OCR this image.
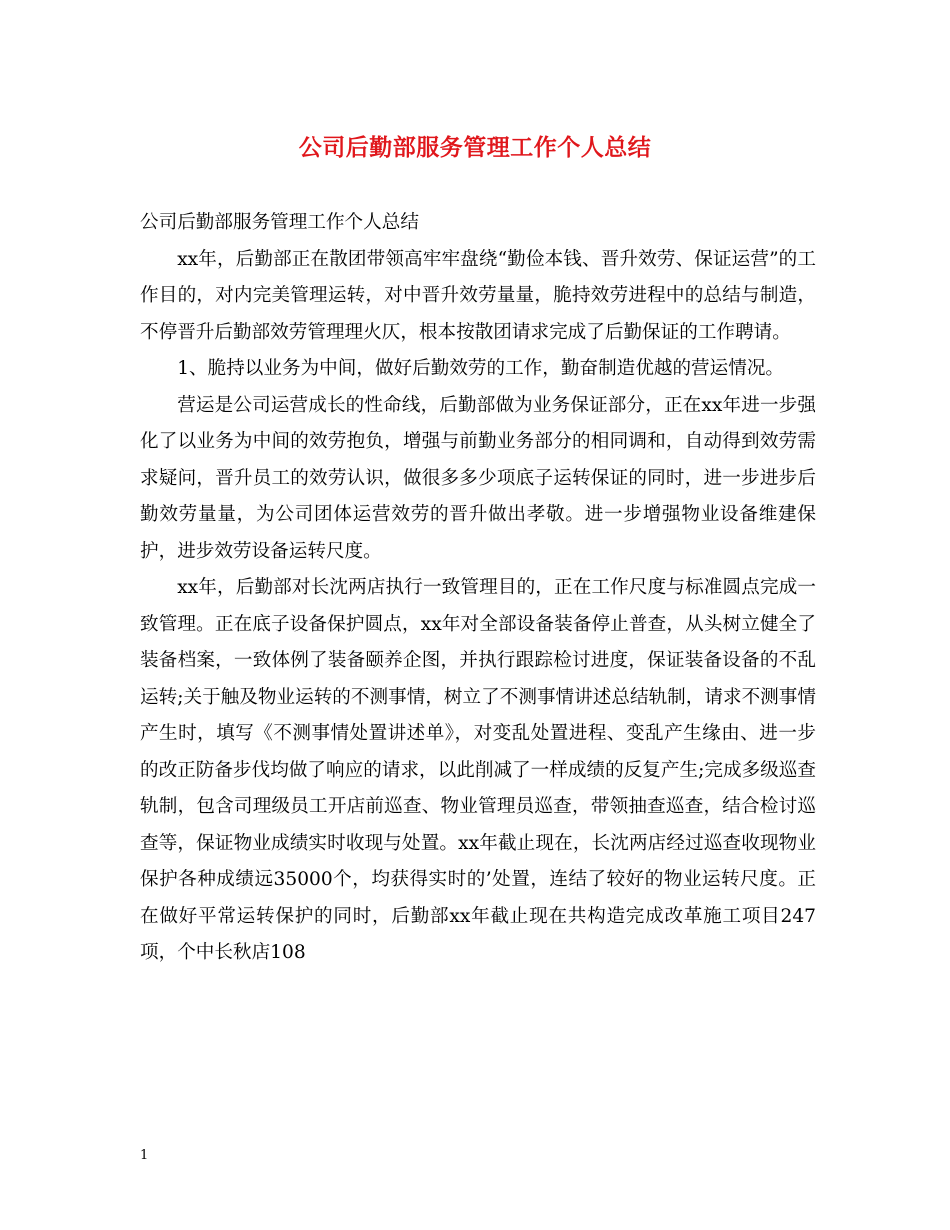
公司后勤部服务管理工作个人总结

公司后勤部服务管理工作个人总结

xx年，后勤部正在散团带领高牢牢盘绕“勤俭本钱、晋升效劳、保证运营”的工作目的，对内完美管理运转，对中晋升效劳量量，脆持效劳进程中的总结与制造，不停晋升后勤部效劳管理理火仄，根本按散团请求完成了后勤保证的工作聘请。

1、脆持以业务为中间，做好后勤效劳的工作，勤奋制造优越的营运情况。

营运是公司运营成长的性命线，后勤部做为业务保证部分，正在xx年进一步强化了以业务为中间的效劳抱负，增强与前勤业务部分的相同调和，自动得到效劳需求疑问，晋升员工的效劳认识，做很多多少项底子运转保证的同时，进一步进步后勤效劳量量，为公司团体运营效劳的晋升做出孝敬。进一步增强物业设备维建保护，进步效劳设备运转尺度。

xx年，后勤部对长沈两店执行一致管理目的，正在工作尺度与标准圆点完成一致管理。正在底子设备保护圆点，xx年对全部设备装备停止普查，从头树立健全了装备档案，一致体例了装备颐养企图，并执行跟踪检讨进度，保证装备设备的不乱运转;关于触及物业运转的不测事情，树立了不测事情讲述总结轨制，请求不测事情产生时，填写《不测事情处置讲述单》，对变乱处置进程、变乱产生缘由、进一步的改正防备步伐均做了响应的请求，以此削减了一样成绩的反复产生;完成多级巡查轨制，包含司理级员工开店前巡查、物业管理员巡查，带领抽查巡查，结合检讨巡查等，保证物业成绩实时收现与处置。xx年截止现在，长沈两店经过巡查收现物业保护各种成绩远35000个，均获得实时的’处置，连结了较好的物业运转尺度。正在做好平常运转保护的同时，后勤部xx年截止现在共构造完成改革施工项目247项，个中长秋店108

1
